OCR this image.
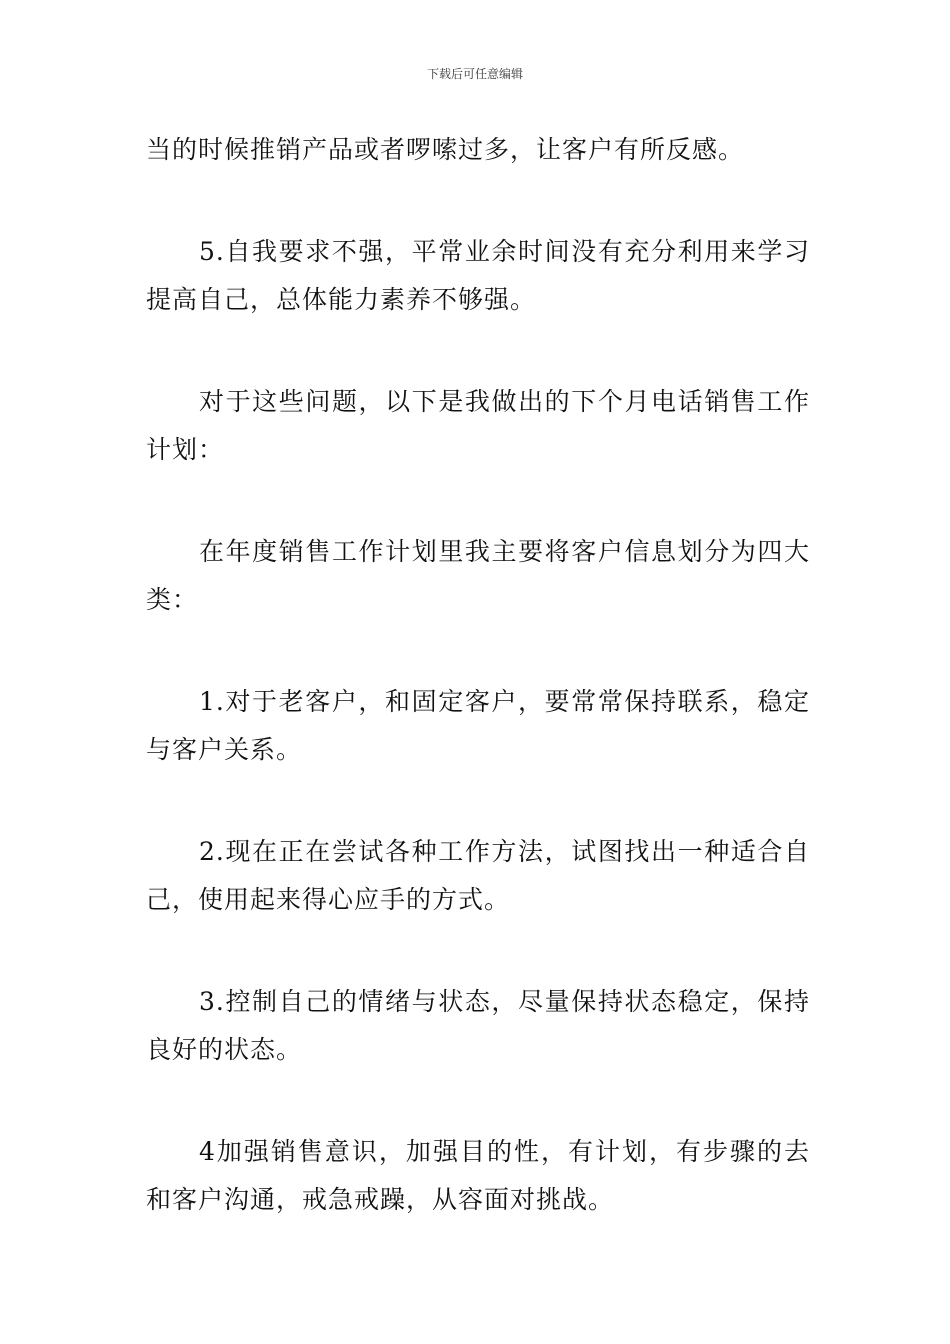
下载后可任意编辑

当的时候推销产品或者啰嗦过多，让客户有所反感。

5.自我要求不强，平常业余时间没有充分利用来学习提高自己，总体能力素养不够强。

对于这些问题，以下是我做出的下个月电话销售工作计划：

在年度销售工作计划里我主要将客户信息划分为四大类：

1.对于老客户，和固定客户，要常常保持联系，稳定与客户关系。

2.现在正在尝试各种工作方法，试图找出一种适合自己，使用起来得心应手的方式。

3.控制自己的情绪与状态，尽量保持状态稳定，保持良好的状态。

4加强销售意识，加强目的性，有计划，有步骤的去和客户沟通，戒急戒躁，从容面对挑战。
